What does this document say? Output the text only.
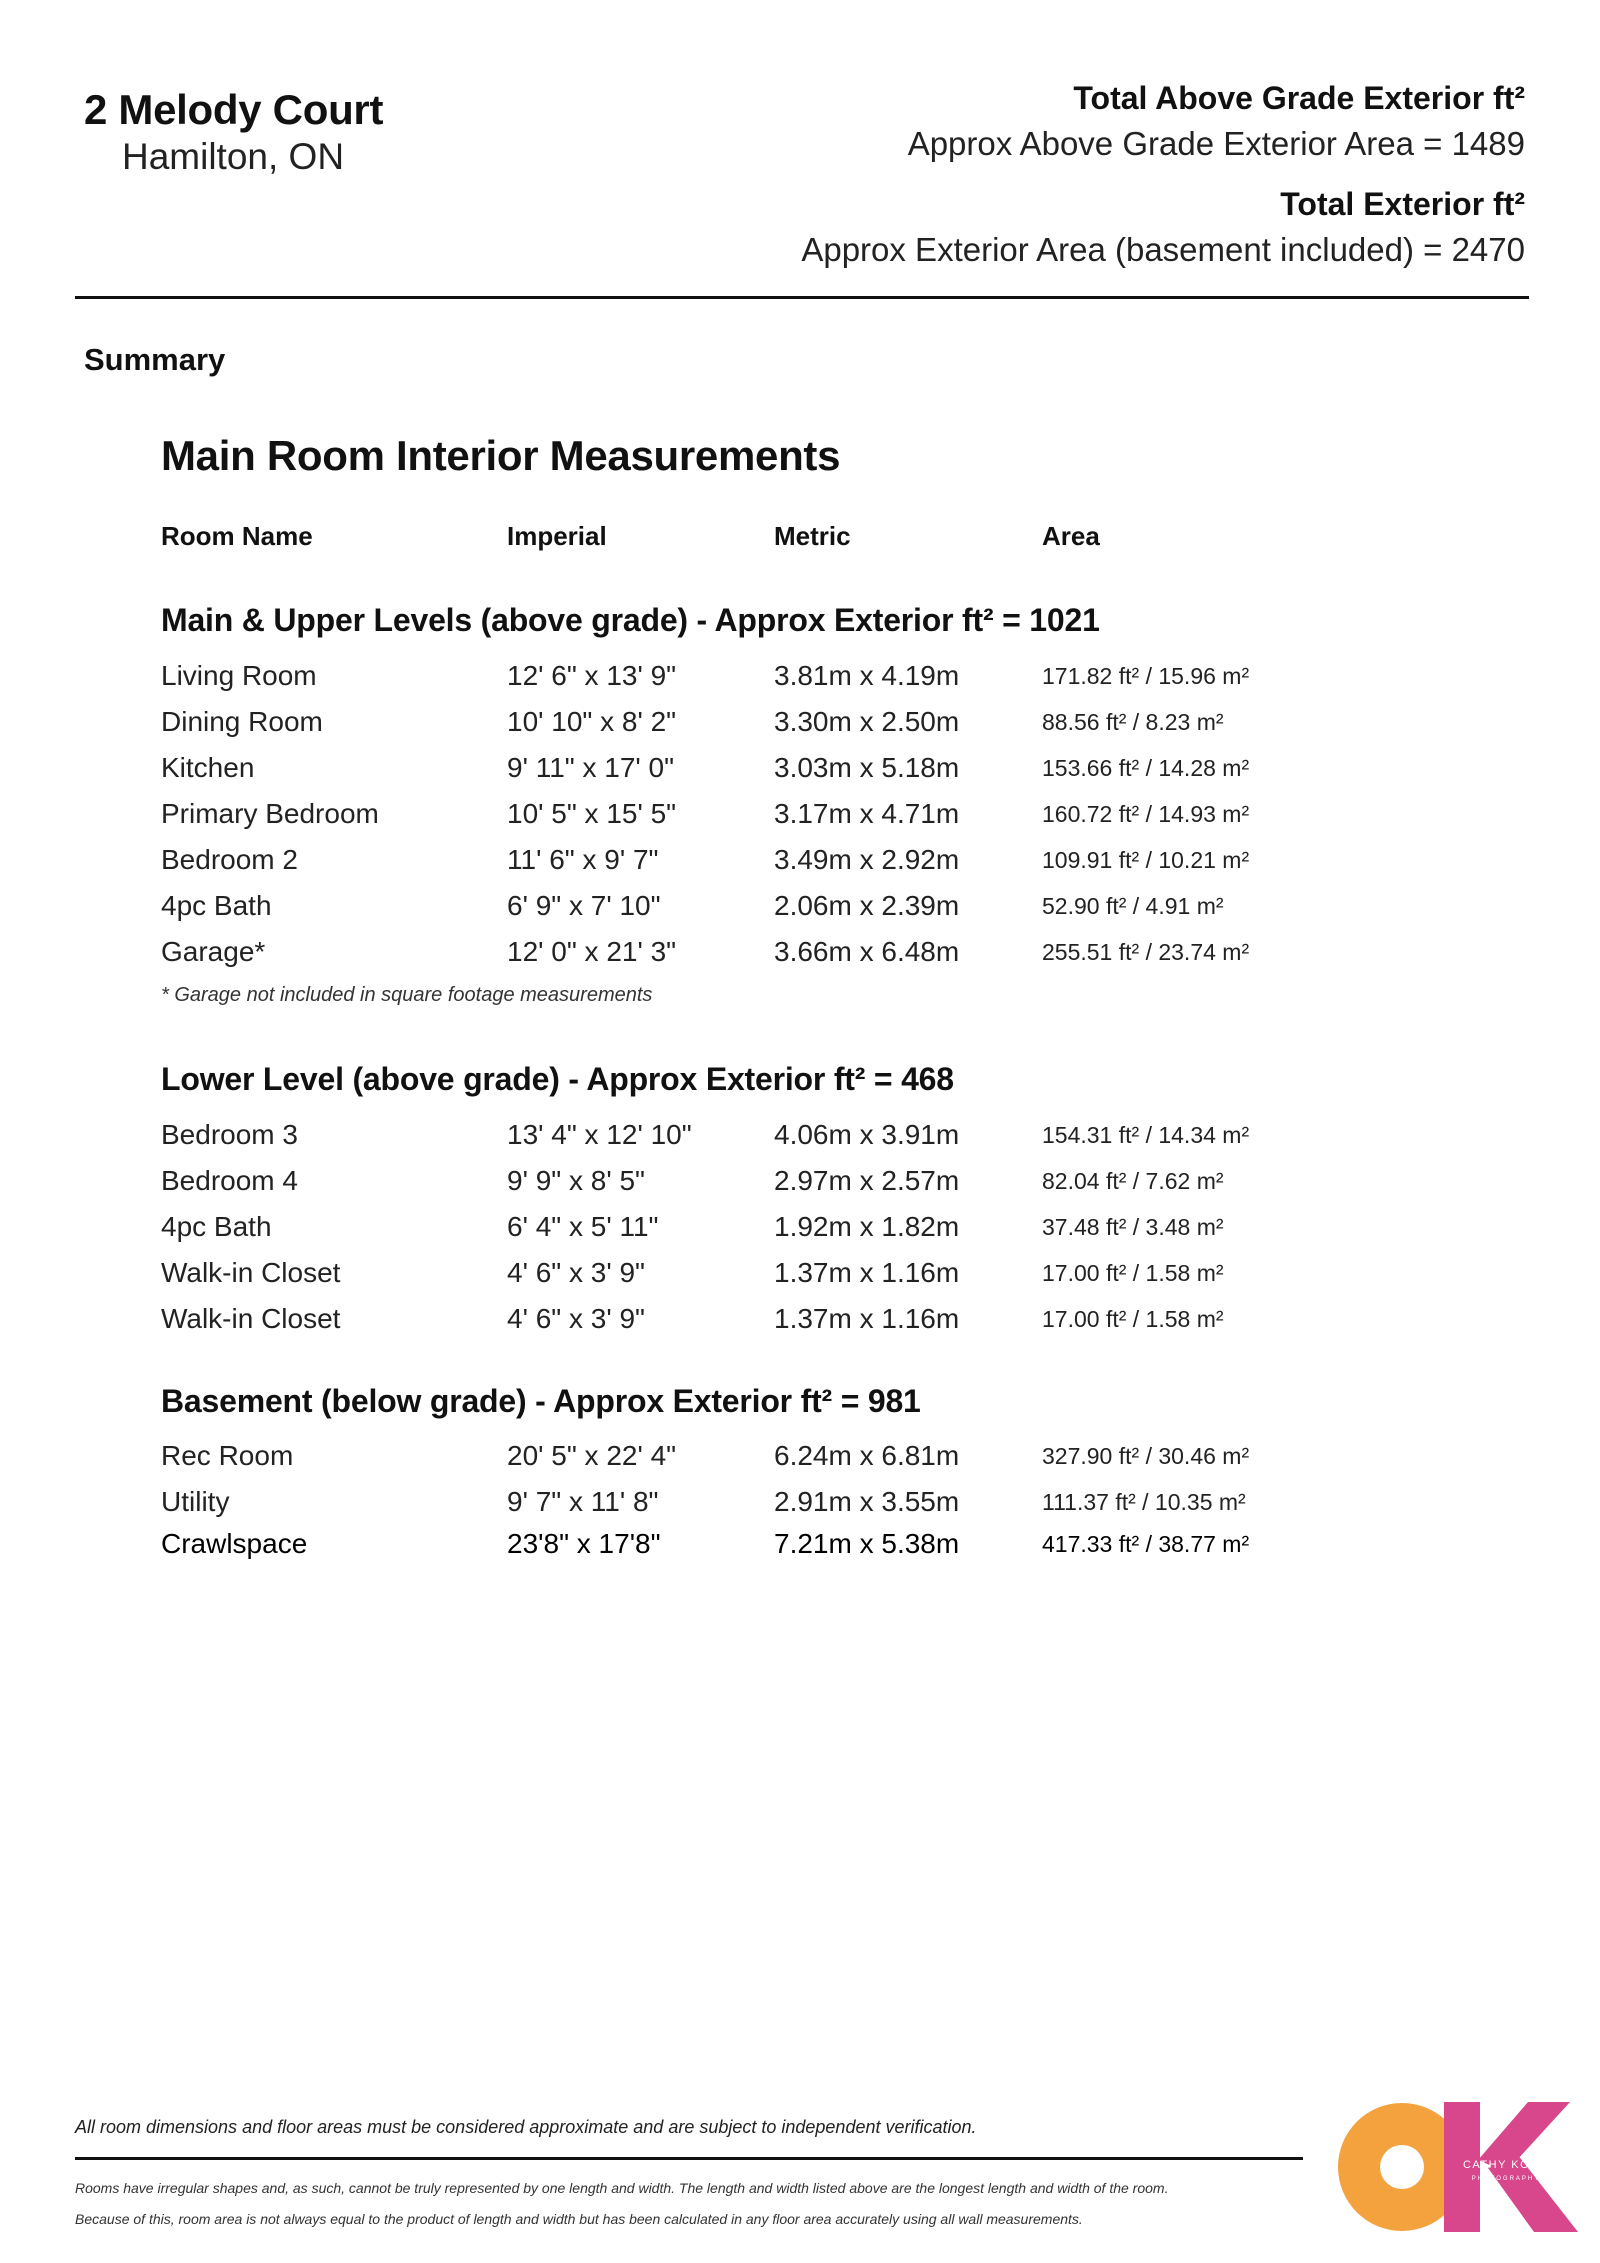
2 Melody Court
Hamilton, ON
Total Above Grade Exterior ft²
Approx Above Grade Exterior Area = 1489
Total Exterior ft²
Approx Exterior Area (basement included) = 2470
Summary
Main Room Interior Measurements
Room Name	Imperial	Metric	Area
Main & Upper Levels (above grade) - Approx Exterior ft² = 1021
Living Room	12' 6" x 13' 9"	3.81m x 4.19m	171.82 ft² / 15.96 m²
Dining Room	10' 10" x 8' 2"	3.30m x 2.50m	88.56 ft² / 8.23 m²
Kitchen	9' 11" x 17' 0"	3.03m x 5.18m	153.66 ft² / 14.28 m²
Primary Bedroom	10' 5" x 15' 5"	3.17m x 4.71m	160.72 ft² / 14.93 m²
Bedroom 2	11' 6" x 9' 7"	3.49m x 2.92m	109.91 ft² / 10.21 m²
4pc Bath	6' 9" x 7' 10"	2.06m x 2.39m	52.90 ft² / 4.91 m²
Garage*	12' 0" x 21' 3"	3.66m x 6.48m	255.51 ft² / 23.74 m²
* Garage not included in square footage measurements
Lower Level (above grade) - Approx Exterior ft² = 468
Bedroom 3	13' 4" x 12' 10"	4.06m x 3.91m	154.31 ft² / 14.34 m²
Bedroom 4	9' 9" x 8' 5"	2.97m x 2.57m	82.04 ft² / 7.62 m²
4pc Bath	6' 4" x 5' 11"	1.92m x 1.82m	37.48 ft² / 3.48 m²
Walk-in Closet	4' 6" x 3' 9"	1.37m x 1.16m	17.00 ft² / 1.58 m²
Walk-in Closet	4' 6" x 3' 9"	1.37m x 1.16m	17.00 ft² / 1.58 m²
Basement (below grade) - Approx Exterior ft² = 981
Rec Room	20' 5" x 22' 4"	6.24m x 6.81m	327.90 ft² / 30.46 m²
Utility	9' 7" x 11' 8"	2.91m x 3.55m	111.37 ft² / 10.35 m²
Crawlspace	23'8" x 17'8"	7.21m x 5.38m	417.33 ft² / 38.77 m²
All room dimensions and floor areas must be considered approximate and are subject to independent verification.
Rooms have irregular shapes and, as such, cannot be truly represented by one length and width. The length and width listed above are the longest length and width of the room.
Because of this, room area is not always equal to the product of length and width but has been calculated in any floor area accurately using all wall measurements.
CATHY KOOP
PHOTOGRAPHY
